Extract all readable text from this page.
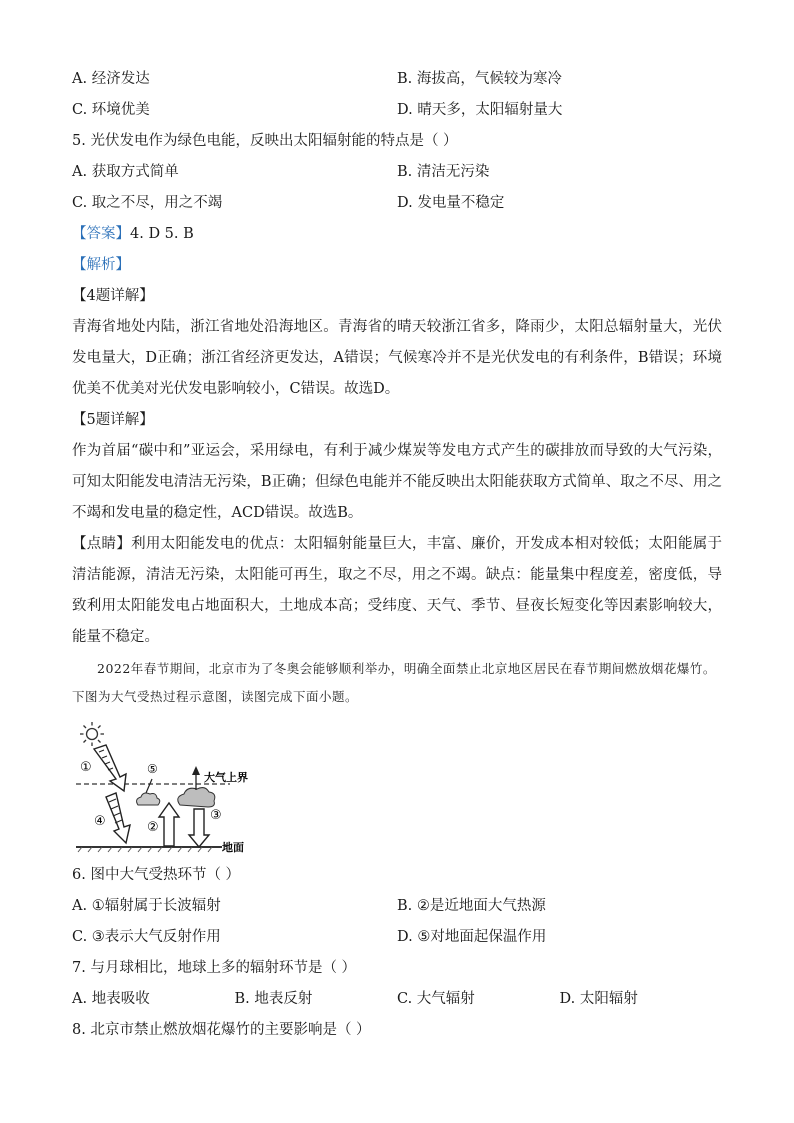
A. 经济发达	B. 海拔高，气候较为寒冷
C. 环境优美	D. 晴天多，太阳辐射量大
5. 光伏发电作为绿色电能，反映出太阳辐射能的特点是（ ）
A. 获取方式简单	B. 清洁无污染
C. 取之不尽，用之不竭	D. 发电量不稳定
【答案】4. D 5. B
【解析】
【4题详解】
青海省地处内陆，浙江省地处沿海地区。青海省的晴天较浙江省多，降雨少，太阳总辐射量大，光伏发电量大，D正确；浙江省经济更发达，A错误；气候寒冷并不是光伏发电的有利条件，B错误；环境优美不优美对光伏发电影响较小，C错误。故选D。
【5题详解】
作为首届“碳中和”亚运会，采用绿电，有利于减少煤炭等发电方式产生的碳排放而导致的大气污染，可知太阳能发电清洁无污染，B正确；但绿色电能并不能反映出太阳能获取方式简单、取之不尽、用之不竭和发电量的稳定性，ACD错误。故选B。
【点睛】利用太阳能发电的优点：太阳辐射能量巨大，丰富、廉价，开发成本相对较低；太阳能属于清洁能源，清洁无污染，太阳能可再生，取之不尽，用之不竭。缺点：能量集中程度差，密度低，导致利用太阳能发电占地面积大，土地成本高；受纬度、天气、季节、昼夜长短变化等因素影响较大，能量不稳定。
2022年春节期间，北京市为了冬奥会能够顺利举办，明确全面禁止北京地区居民在春节期间燃放烟花爆竹。下图为大气受热过程示意图，读图完成下面小题。
①	⑤
②
③
④
大气上界
地面
6. 图中大气受热环节（ ）
A. ①辐射属于长波辐射	B. ②是近地面大气热源
C. ③表示大气反射作用	D. ⑤对地面起保温作用
7. 与月球相比，地球上多的辐射环节是（ ）
A. 地表吸收	B. 地表反射	C. 大气辐射	D. 太阳辐射
8. 北京市禁止燃放烟花爆竹的主要影响是（ ）
